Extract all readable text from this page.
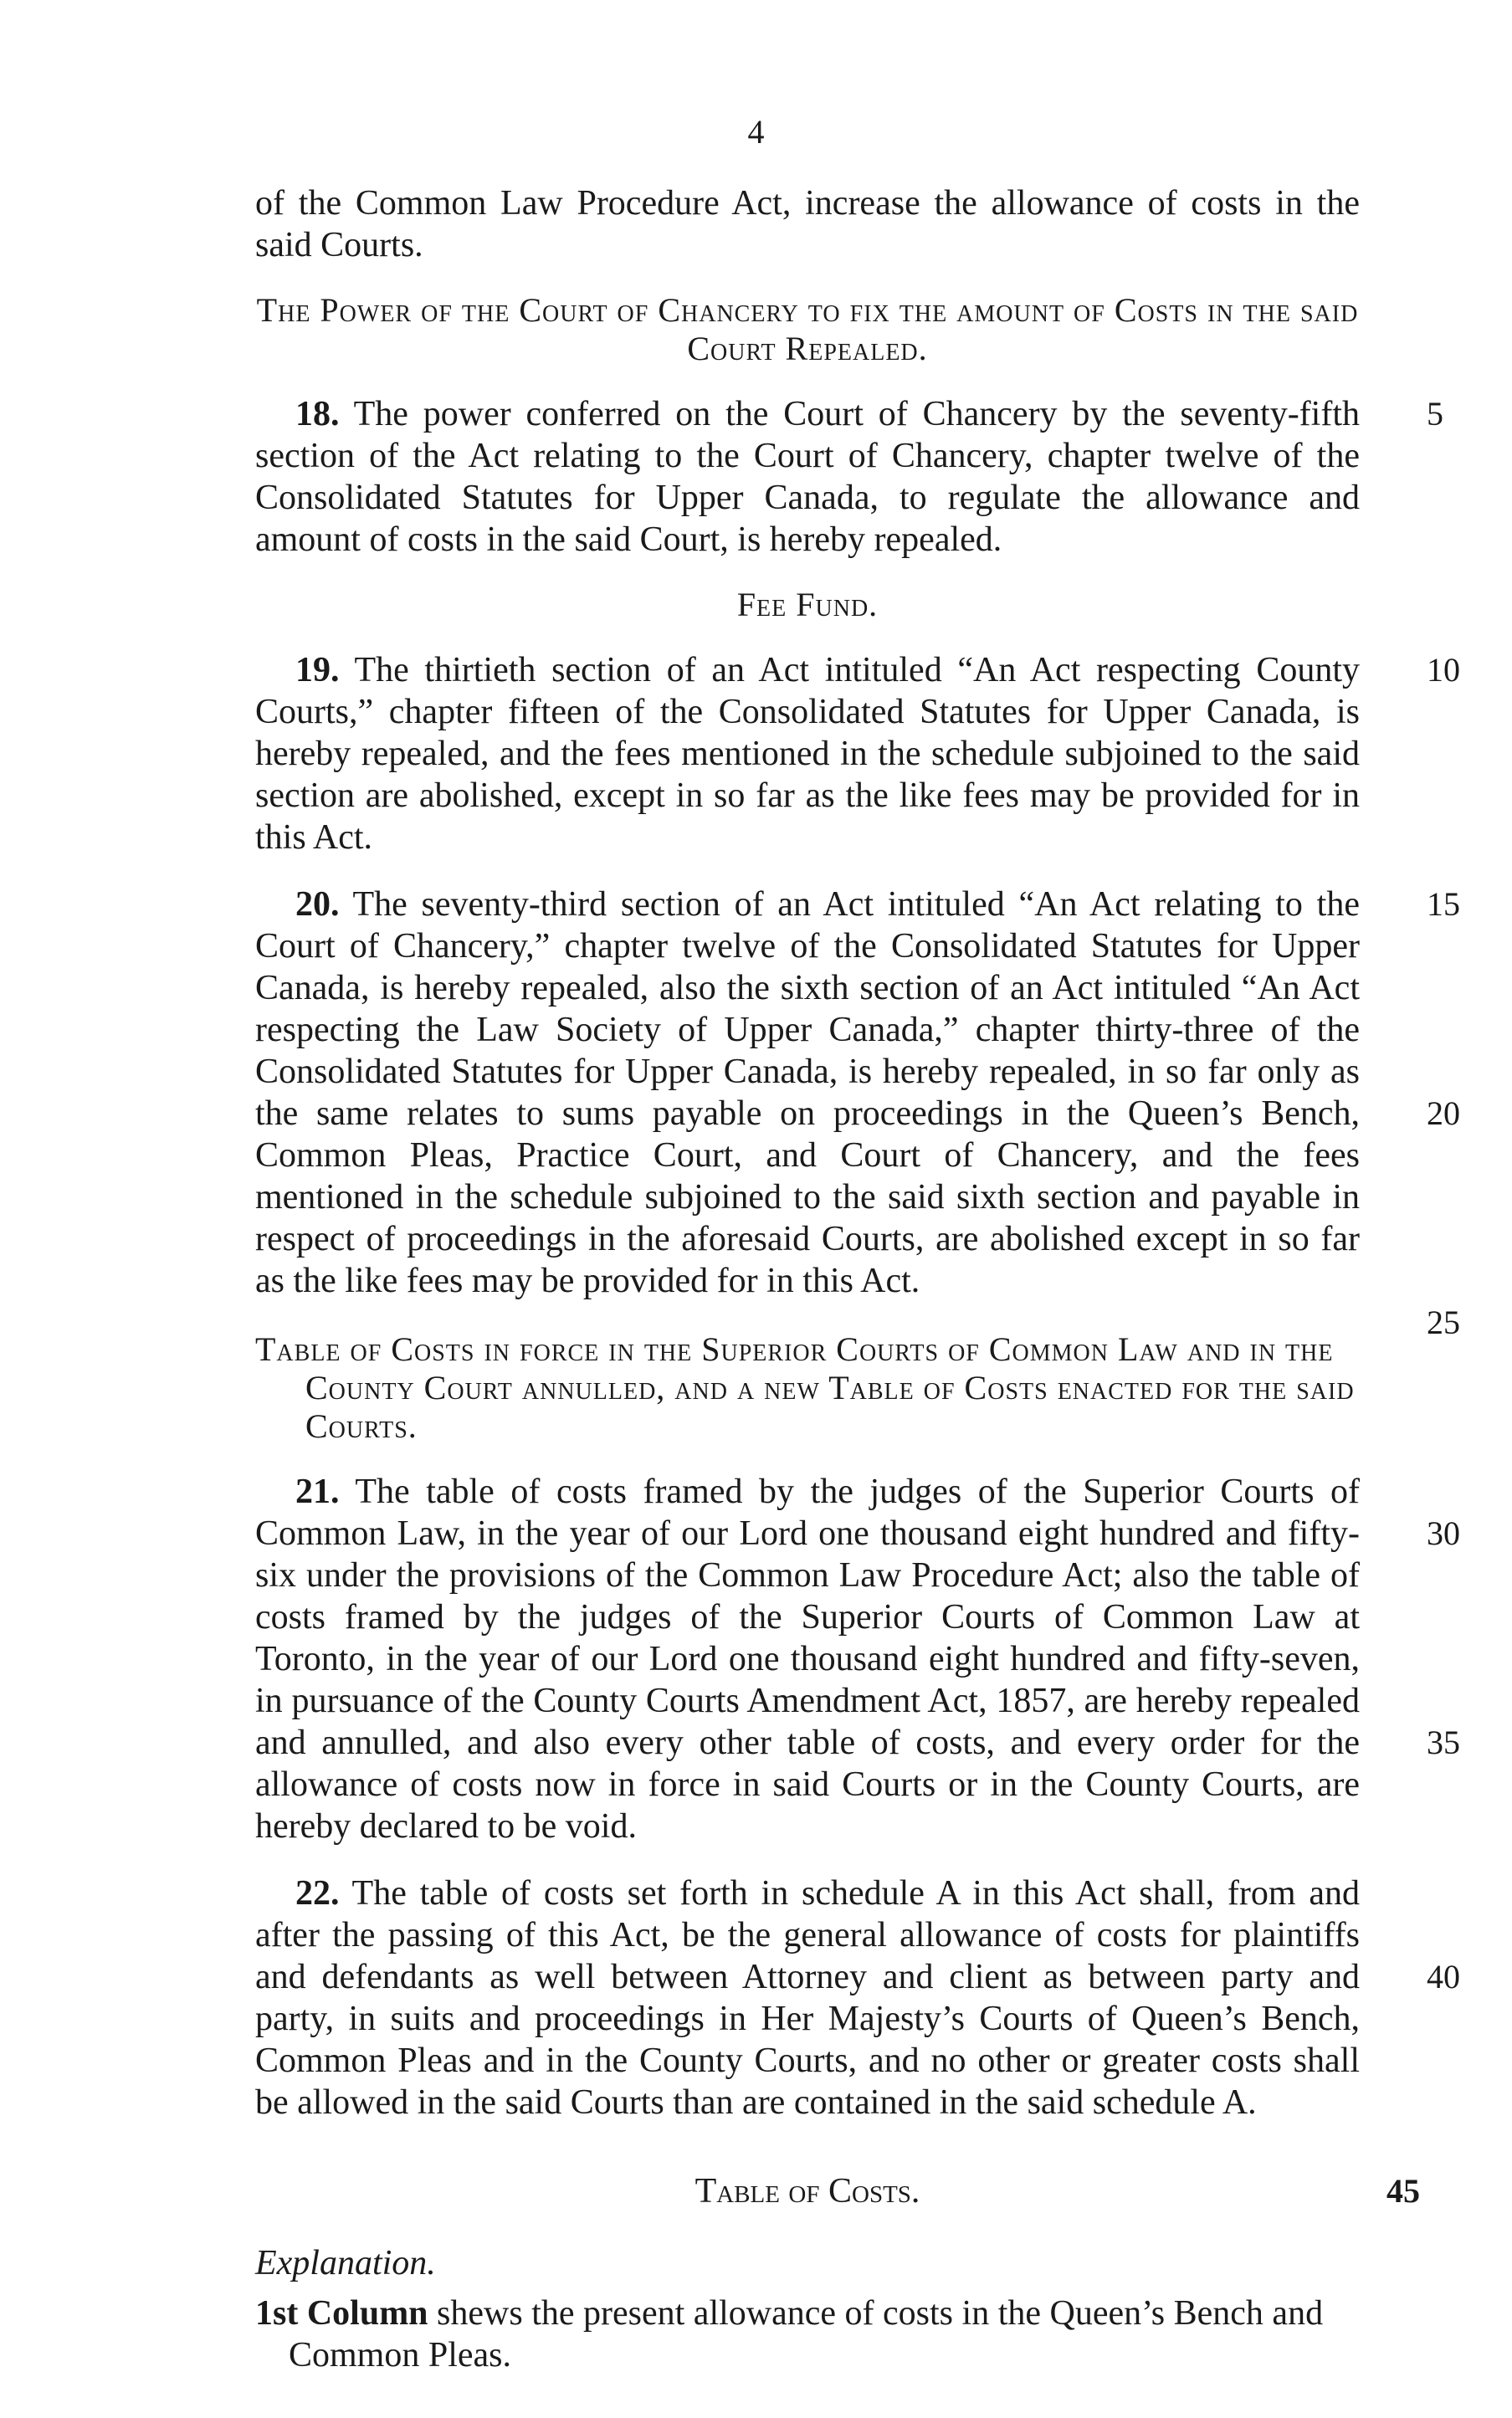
4

of the Common Law Procedure Act, increase the allowance of costs in the said Courts.

The Power of the Court of Chancery to fix the amount of Costs in the said Court Repealed.

5
18. The power conferred on the Court of Chancery by the seventy-fifth section of the Act relating to the Court of Chancery, chapter twelve of the Consolidated Statutes for Upper Canada, to regulate the allowance and amount of costs in the said Court, is hereby repealed.

Fee Fund.

10
19. The thirtieth section of an Act intituled “An Act respecting County Courts,” chapter fifteen of the Consolidated Statutes for Upper Canada, is hereby repealed, and the fees mentioned in the schedule subjoined to the said section are abolished, except in so far as the like fees may be provided for in this Act.

15
20
25
20. The seventy-third section of an Act intituled “An Act relating to the Court of Chancery,” chapter twelve of the Consolidated Statutes for Upper Canada, is hereby repealed, also the sixth section of an Act intituled “An Act respecting the Law Society of Upper Canada,” chapter thirty-three of the Consolidated Statutes for Upper Canada, is hereby repealed, in so far only as the same relates to sums payable on proceedings in the Queen’s Bench, Common Pleas, Practice Court, and Court of Chancery, and the fees mentioned in the schedule subjoined to the said sixth section and payable in respect of proceedings in the aforesaid Courts, are abolished except in so far as the like fees may be provided for in this Act.

Table of Costs in force in the Superior Courts of Common Law and in the County Court annulled, and a new Table of Costs enacted for the said Courts.

30
35
21. The table of costs framed by the judges of the Superior Courts of Common Law, in the year of our Lord one thousand eight hundred and fifty-six under the provisions of the Common Law Procedure Act; also the table of costs framed by the judges of the Superior Courts of Common Law at Toronto, in the year of our Lord one thousand eight hundred and fifty-seven, in pursuance of the County Courts Amendment Act, 1857, are hereby repealed and annulled, and also every other table of costs, and every order for the allowance of costs now in force in said Courts or in the County Courts, are hereby declared to be void.

40
22. The table of costs set forth in schedule A in this Act shall, from and after the passing of this Act, be the general allowance of costs for plaintiffs and defendants as well between Attorney and client as between party and party, in suits and proceedings in Her Majesty’s Courts of Queen’s Bench, Common Pleas and in the County Courts, and no other or greater costs shall be allowed in the said Courts than are contained in the said schedule A.

Table of Costs.	45
Explanation.

1st Column shews the present allowance of costs in the Queen’s Bench and Common Pleas.
